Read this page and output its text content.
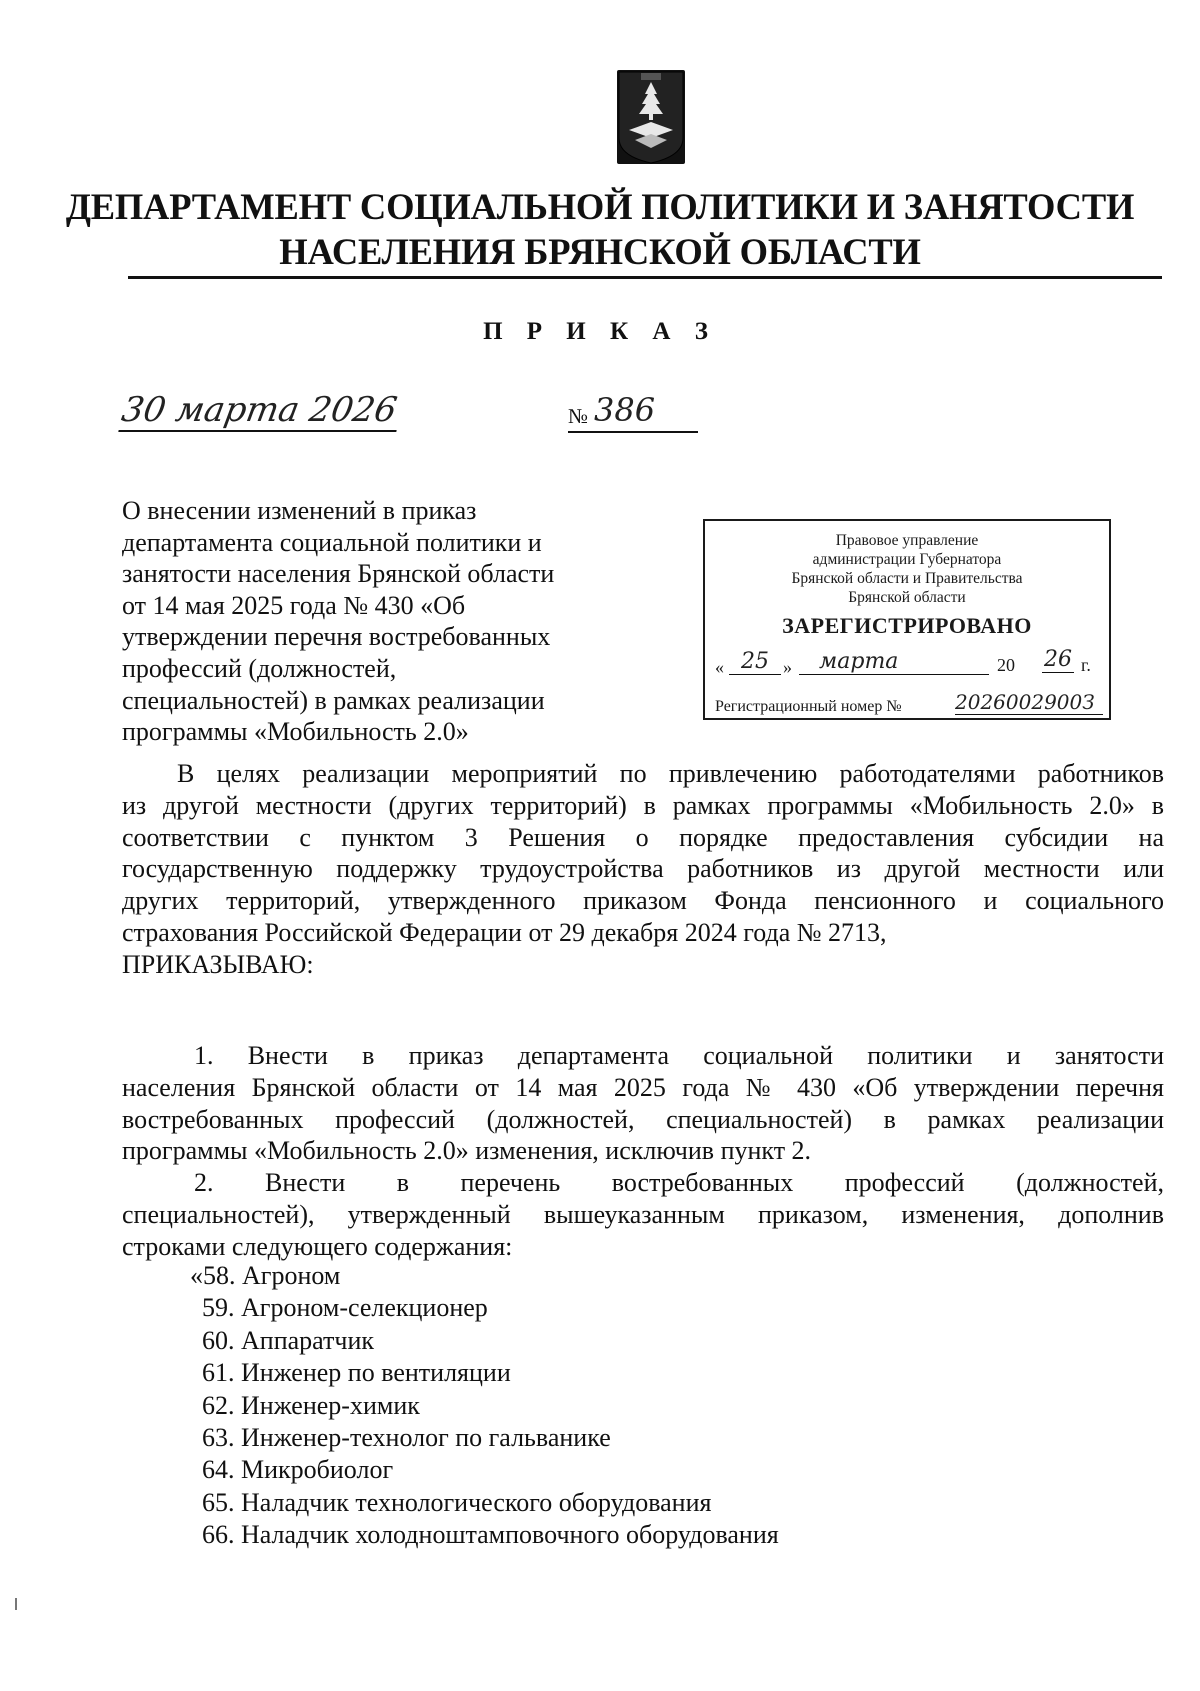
ДЕПАРТАМЕНТ СОЦИАЛЬНОЙ ПОЛИТИКИ И ЗАНЯТОСТИ
НАСЕЛЕНИЯ БРЯНСКОЙ ОБЛАСТИ
П Р И К А З
30 марта 2026	№ 386
О внесении изменений в приказ
департамента социальной политики и
занятости населения Брянской области
от 14 мая 2025 года № 430 «Об
утверждении перечня востребованных
профессий (должностей,
специальностей) в рамках реализации
программы «Мобильность 2.0»
Правовое управление
администрации Губернатора
Брянской области и Правительства
Брянской области
ЗАРЕГИСТРИРОВАНО
« 25 »	марта	20 26 г.
Регистрационный номер №	2026002900З
В целях реализации мероприятий по привлечению работодателями работников
из другой местности (других территорий) в рамках программы «Мобильность 2.0» в
соответствии с пунктом 3 Решения о порядке предоставления субсидии на
государственную поддержку трудоустройства работников из другой местности или
других территорий, утвержденного приказом Фонда пенсионного и социального
страхования Российской Федерации от 29 декабря 2024 года № 2713,
ПРИКАЗЫВАЮ:
1. Внести в приказ департамента социальной политики и занятости
населения Брянской области от 14 мая 2025 года № 430 «Об утверждении перечня
востребованных профессий (должностей, специальностей) в рамках реализации
программы «Мобильность 2.0» изменения, исключив пункт 2.
2. Внести в перечень востребованных профессий (должностей,
специальностей), утвержденный вышеуказанным приказом, изменения, дополнив
строками следующего содержания:
«58. Агроном
59. Агроном-селекционер
60. Аппаратчик
61. Инженер по вентиляции
62. Инженер-химик
63. Инженер-технолог по гальванике
64. Микробиолог
65. Наладчик технологического оборудования
66. Наладчик холодноштамповочного оборудования
